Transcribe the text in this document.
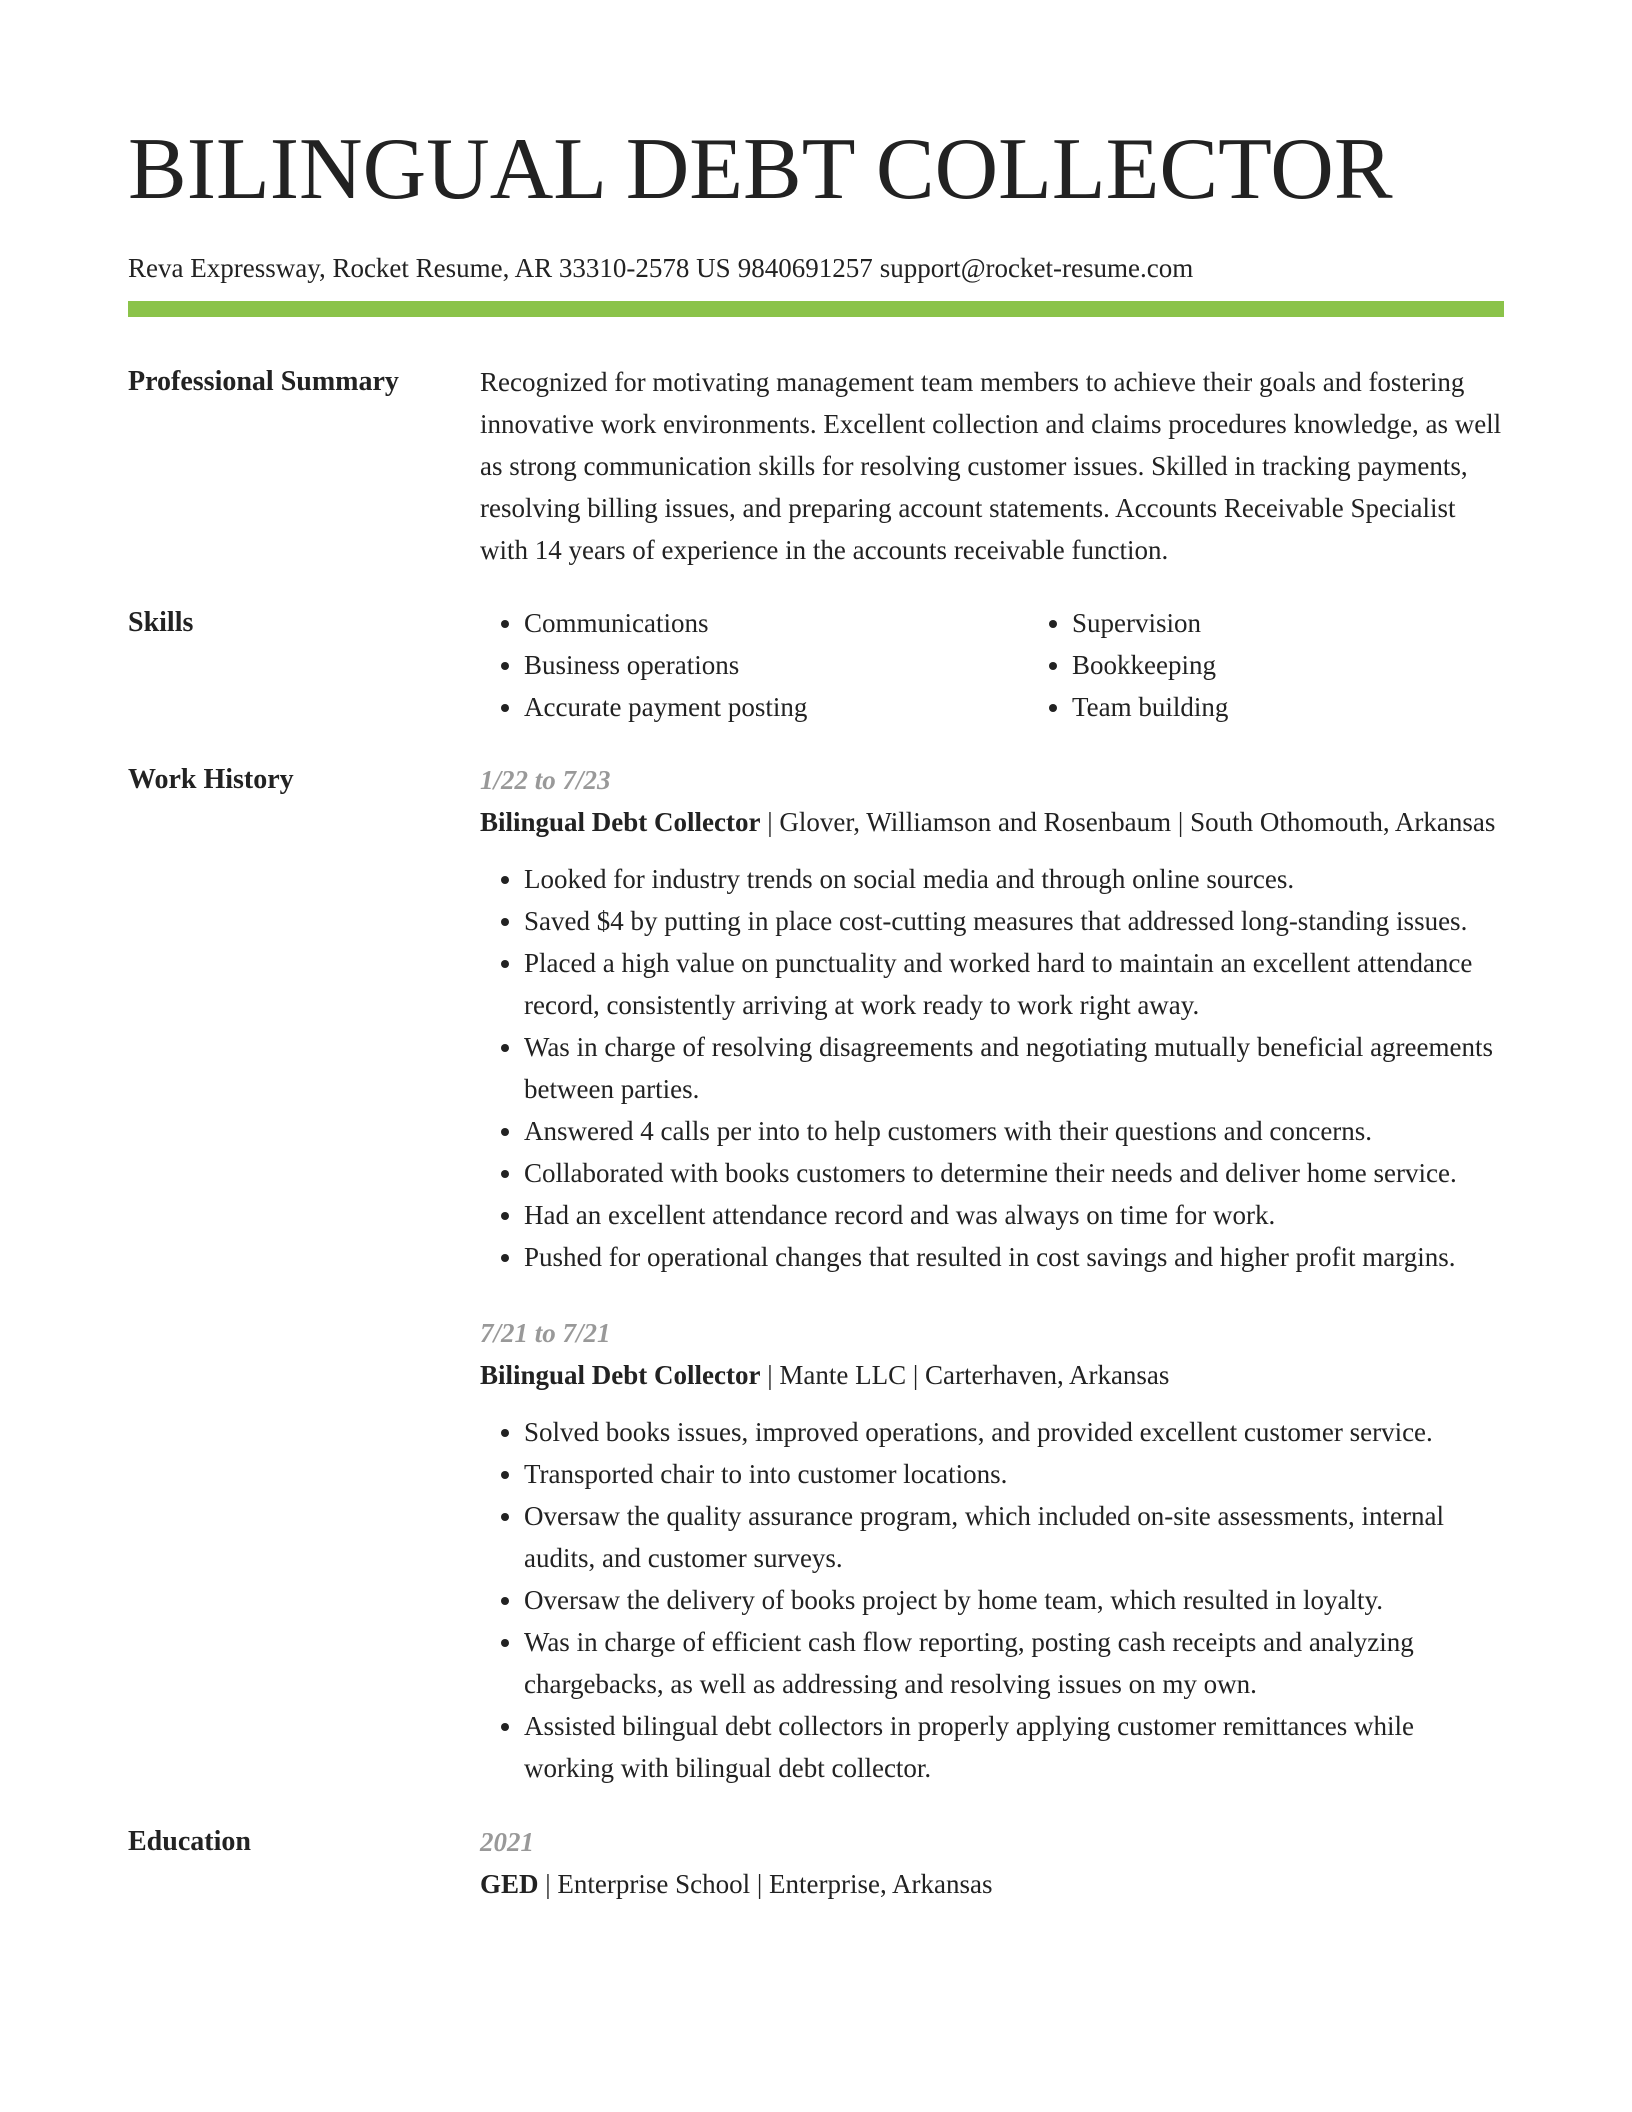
BILINGUAL DEBT COLLECTOR
Reva Expressway, Rocket Resume, AR 33310-2578 US 9840691257 support@rocket-resume.com
Professional Summary	Recognized for motivating management team members to achieve their goals and fostering innovative work environments. Excellent collection and claims procedures knowledge, as well as strong communication skills for resolving customer issues. Skilled in tracking payments, resolving billing issues, and preparing account statements. Accounts Receivable Specialist with 14 years of experience in the accounts receivable function.

Skills
•	Communications
• Business operations
• Accurate payment posting
• Supervision
• Bookkeeping
• Team building
Work History	1/22 to 7/23

Bilingual Debt Collector | Glover, Williamson and Rosenbaum | South Othomouth, Arkansas

• Looked for industry trends on social media and through online sources.
• Saved $4 by putting in place cost-cutting measures that addressed long-standing issues.
• Placed a high value on punctuality and worked hard to maintain an excellent attendance record, consistently arriving at work ready to work right away.
• Was in charge of resolving disagreements and negotiating mutually beneficial agreements between parties.
• Answered 4 calls per into to help customers with their questions and concerns.
• Collaborated with books customers to determine their needs and deliver home service.
• Had an excellent attendance record and was always on time for work.
• Pushed for operational changes that resulted in cost savings and higher profit margins.
7/21 to 7/21

Bilingual Debt Collector | Mante LLC | Carterhaven, Arkansas

• Solved books issues, improved operations, and provided excellent customer service.
• Transported chair to into customer locations.
• Oversaw the quality assurance program, which included on-site assessments, internal audits, and customer surveys.
• Oversaw the delivery of books project by home team, which resulted in loyalty.
• Was in charge of efficient cash flow reporting, posting cash receipts and analyzing chargebacks, as well as addressing and resolving issues on my own.
• Assisted bilingual debt collectors in properly applying customer remittances while working with bilingual debt collector.
Education	2021

GED | Enterprise School | Enterprise, Arkansas
